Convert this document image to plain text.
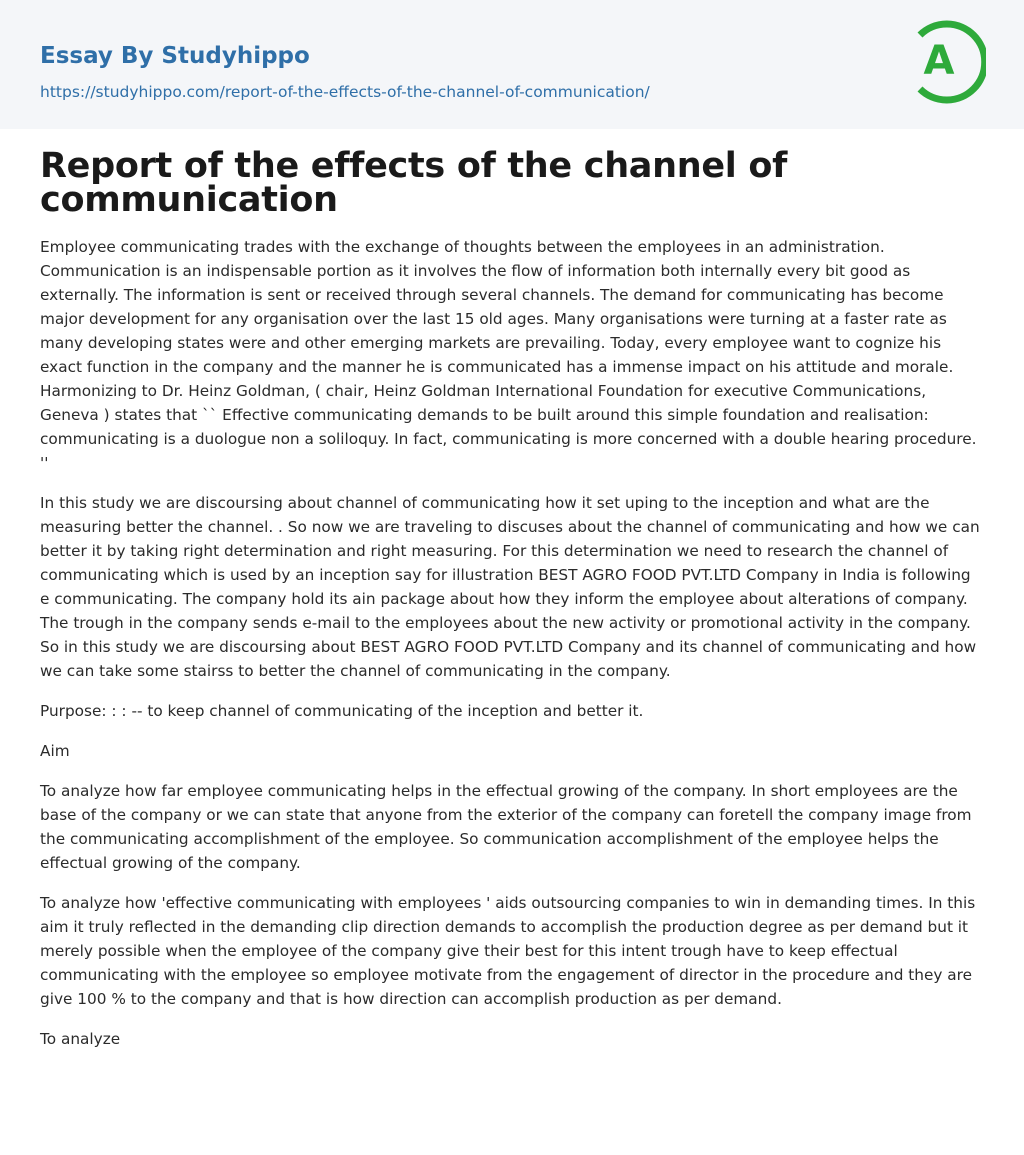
Essay By Studyhippo
https://studyhippo.com/report-of-the-effects-of-the-channel-of-communication/
A
Report of the effects of the channel of communication

Employee communicating trades with the exchange of thoughts between the employees in an administration. Communication is an indispensable portion as it involves the flow of information both internally every bit good as externally. The information is sent or received through several channels. The demand for communicating has become major development for any organisation over the last 15 old ages. Many organisations were turning at a faster rate as many developing states were and other emerging markets are prevailing. Today, every employee want to cognize his exact function in the company and the manner he is communicated has a immense impact on his attitude and morale. Harmonizing to Dr. Heinz Goldman, ( chair, Heinz Goldman International Foundation for executive Communications, Geneva ) states that `` Effective communicating demands to be built around this simple foundation and realisation: communicating is a duologue non a soliloquy. In fact, communicating is more concerned with a double hearing procedure. ''

In this study we are discoursing about channel of communicating how it set uping to the inception and what are the measuring better the channel. . So now we are traveling to discuses about the channel of communicating and how we can better it by taking right determination and right measuring. For this determination we need to research the channel of communicating which is used by an inception say for illustration BEST AGRO FOOD PVT.LTD Company in India is following e communicating. The company hold its ain package about how they inform the employee about alterations of company. The trough in the company sends e-mail to the employees about the new activity or promotional activity in the company. So in this study we are discoursing about BEST AGRO FOOD PVT.LTD Company and its channel of communicating and how we can take some stairss to better the channel of communicating in the company.

Purpose: : : -- to keep channel of communicating of the inception and better it.

Aim

To analyze how far employee communicating helps in the effectual growing of the company. In short employees are the base of the company or we can state that anyone from the exterior of the company can foretell the company image from the communicating accomplishment of the employee. So communication accomplishment of the employee helps the effectual growing of the company.

To analyze how 'effective communicating with employees ' aids outsourcing companies to win in demanding times. In this aim it truly reflected in the demanding clip direction demands to accomplish the production degree as per demand but it merely possible when the employee of the company give their best for this intent trough have to keep effectual communicating with the employee so employee motivate from the engagement of director in the procedure and they are give 100 % to the company and that is how direction can accomplish production as per demand.

To analyze
